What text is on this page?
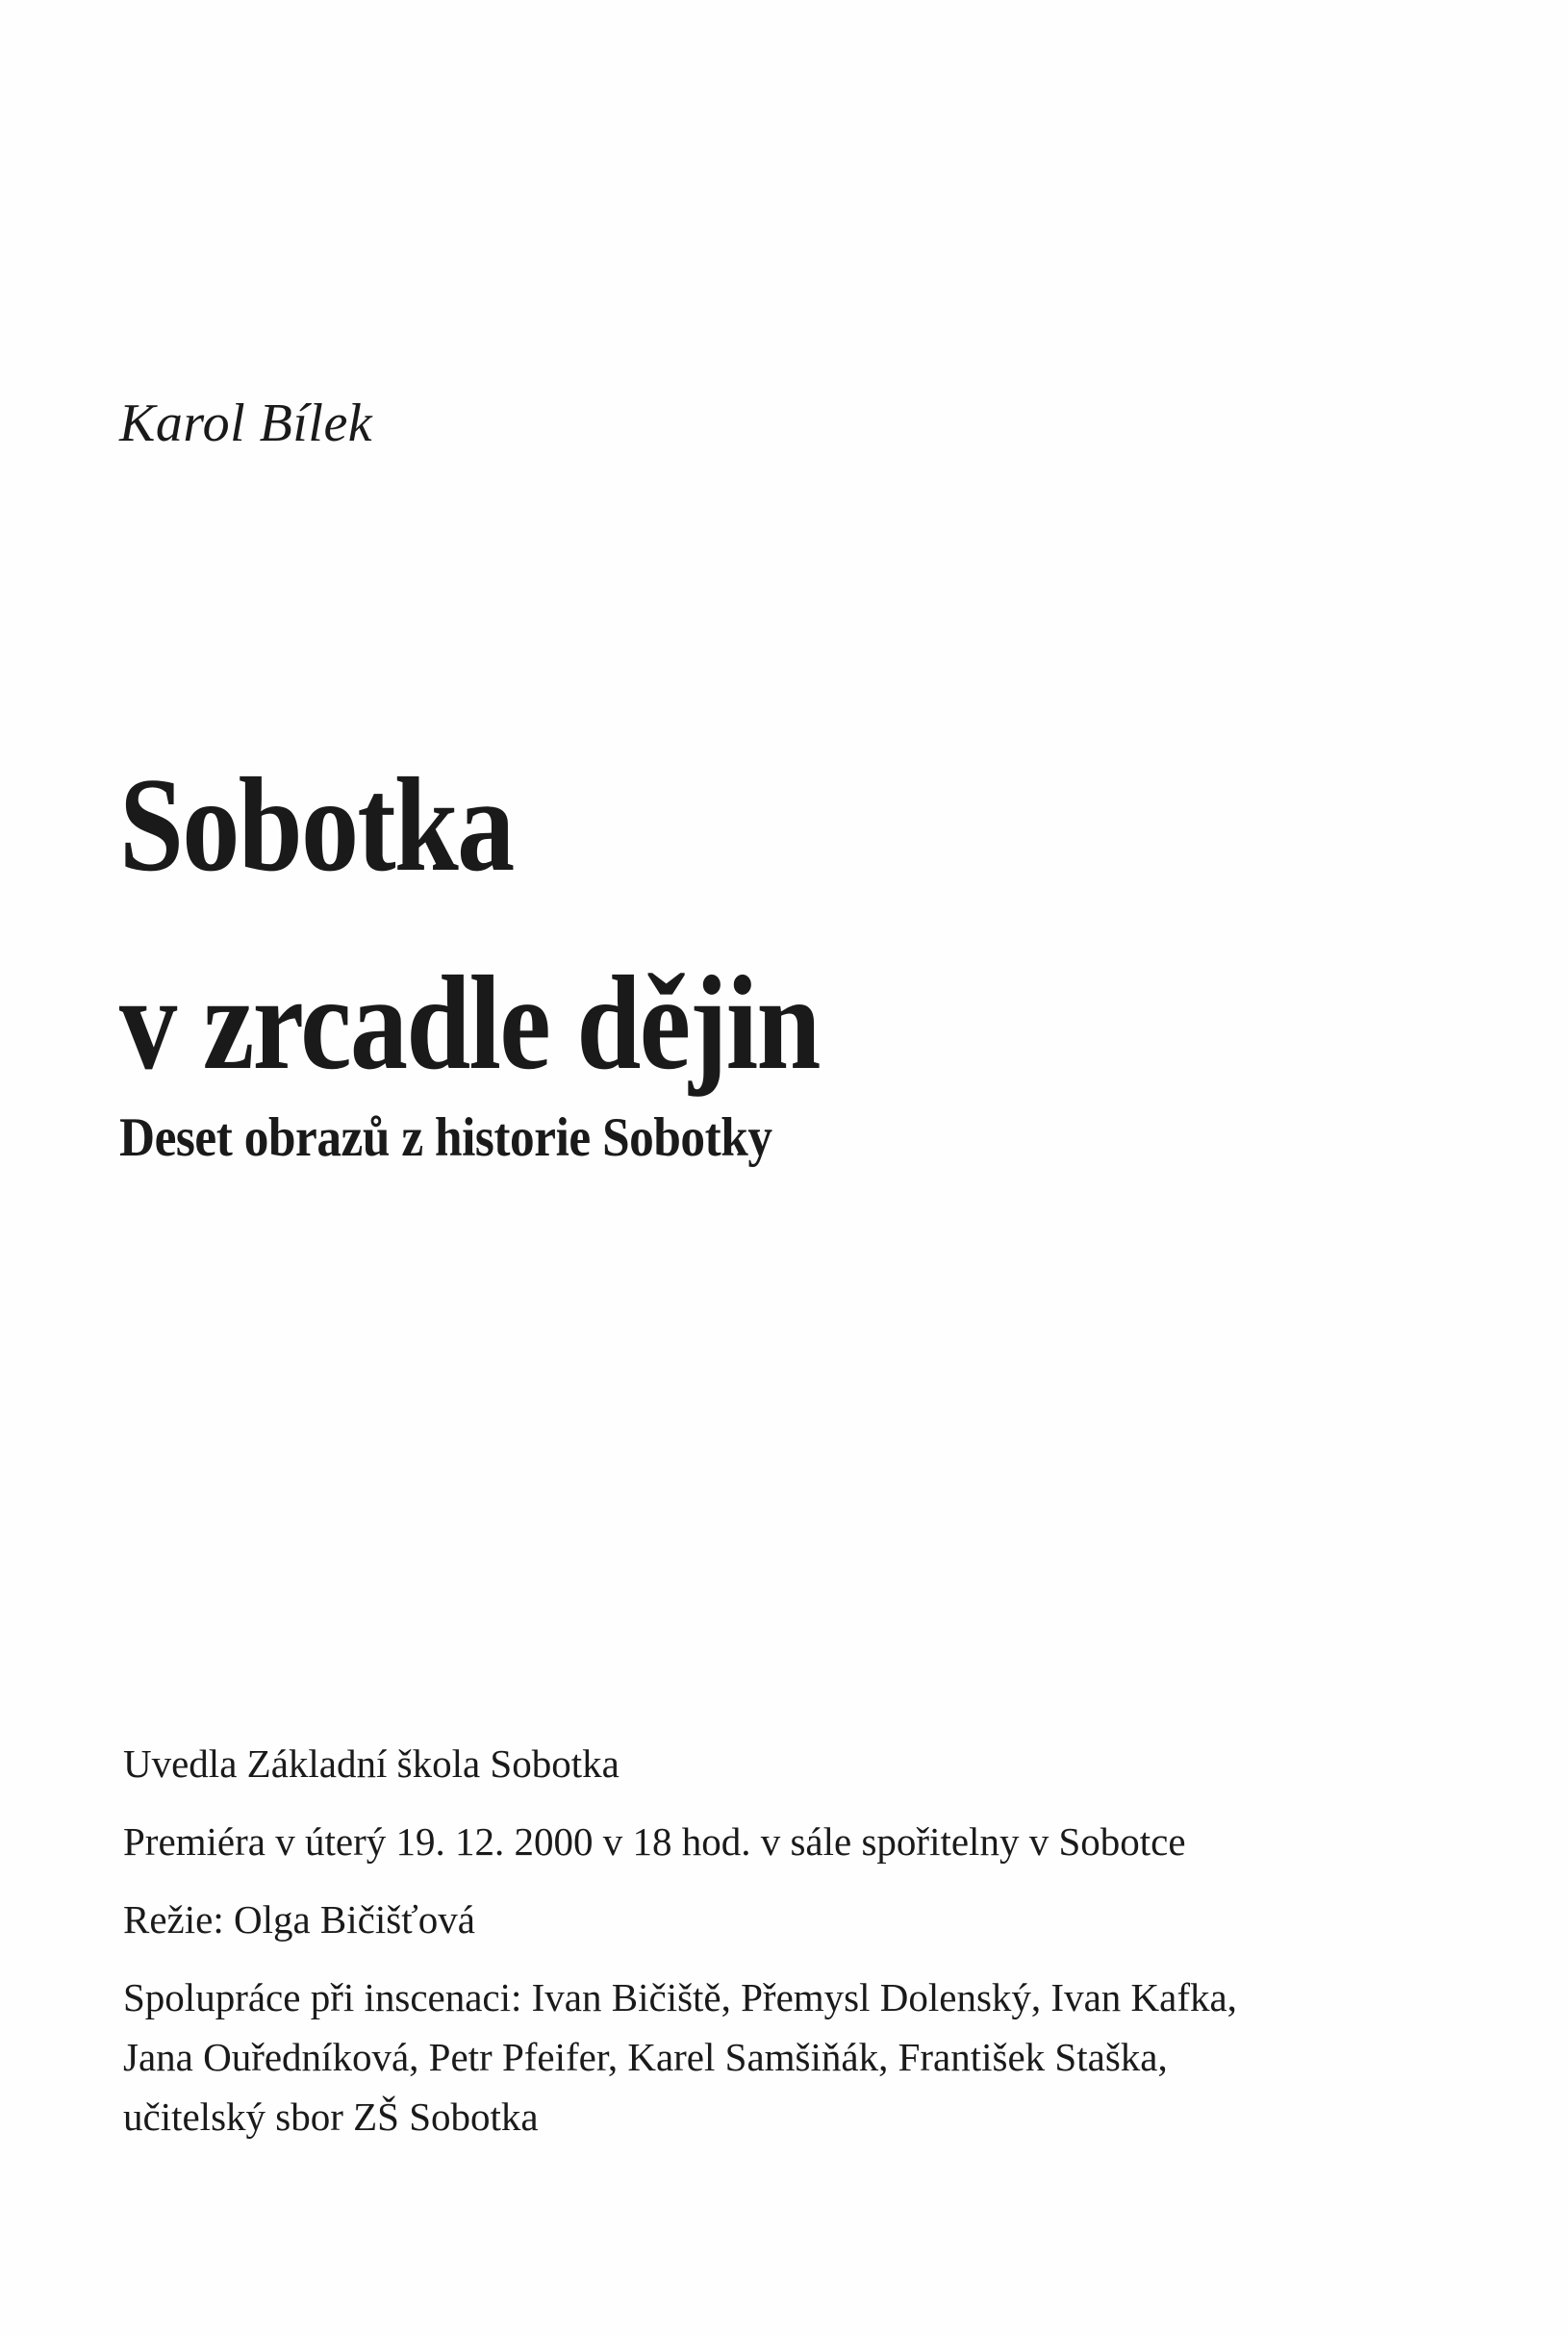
Karol Bílek
Sobotka
v zrcadle dějin
Deset obrazů z historie Sobotky

Uvedla Základní škola Sobotka

Premiéra v úterý 19. 12. 2000 v 18 hod. v sále spořitelny v Sobotce

Režie: Olga Bičišťová

Spolupráce při inscenaci: Ivan Bičiště, Přemysl Dolenský, Ivan Kafka,
Jana Ouředníková, Petr Pfeifer, Karel Samšiňák, František Staška,
učitelský sbor ZŠ Sobotka
